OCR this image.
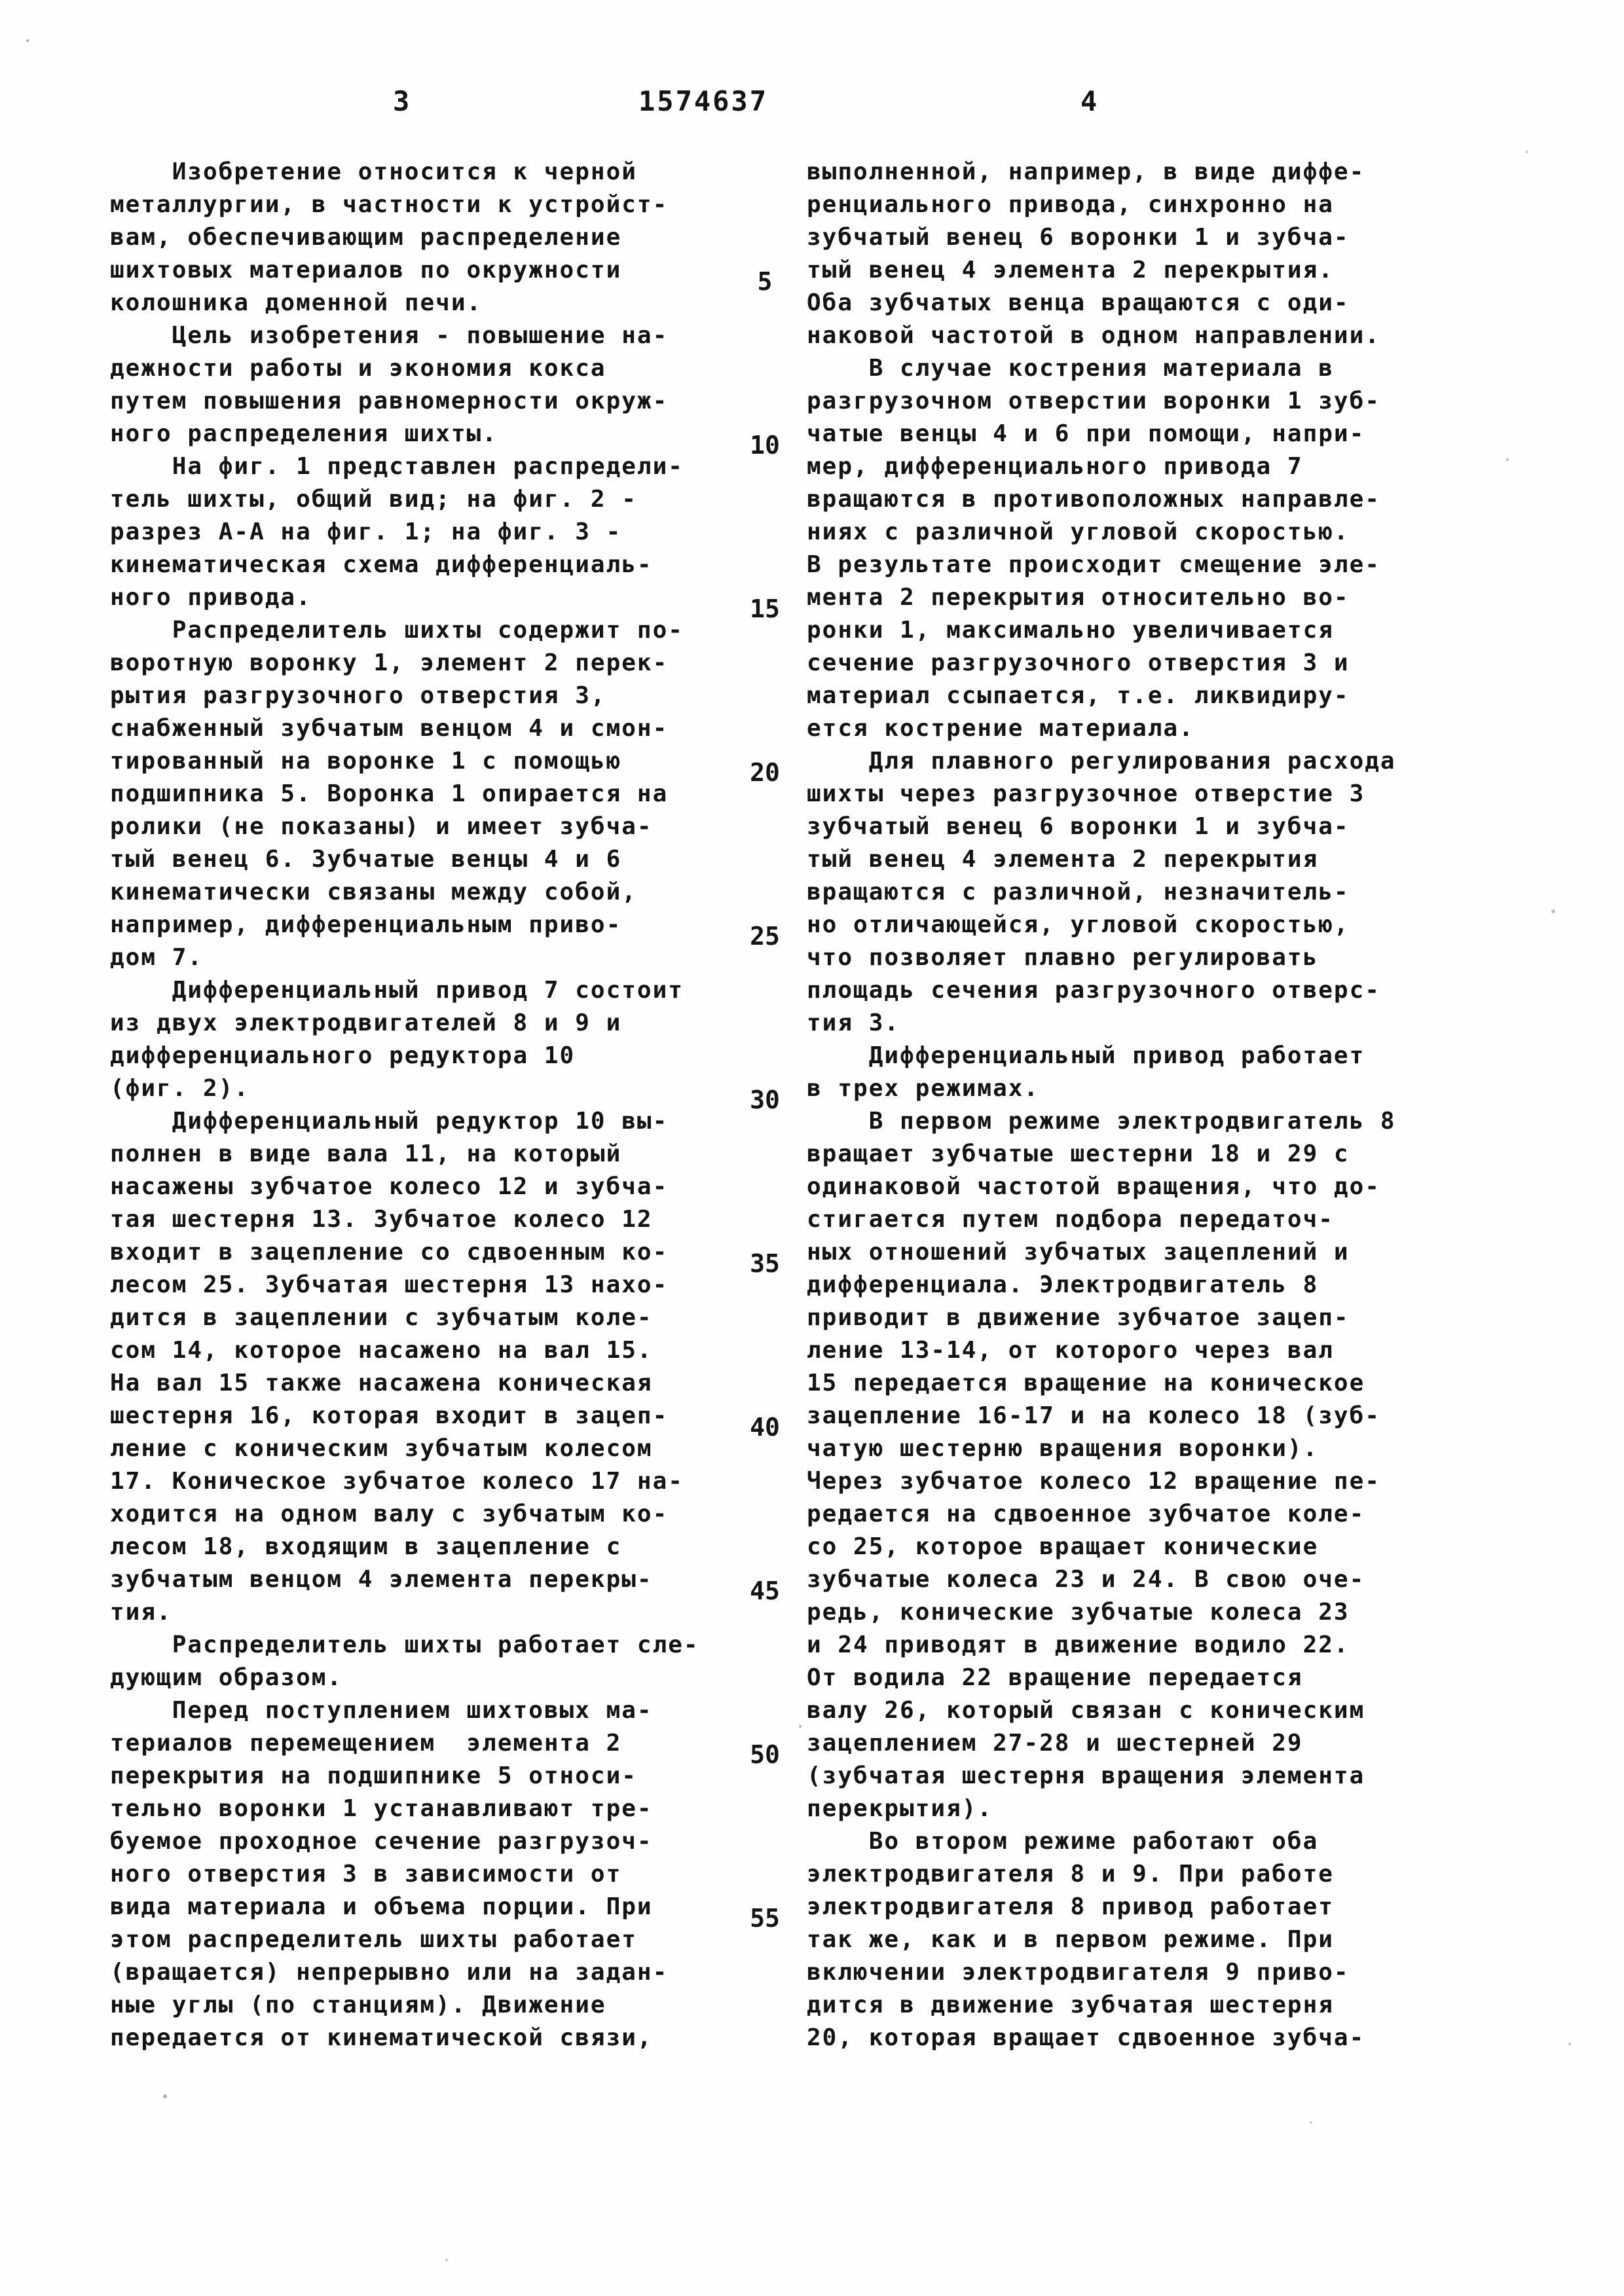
3	1574637	4
Изобретение относится к черной
металлургии, в частности к устройст-
вам, обеспечивающим распределение
шихтовых материалов по окружности
колошника доменной печи.
Цель изобретения - повышение на-
дежности работы и экономия кокса
путем повышения равномерности окруж-
ного распределения шихты.
На фиг. 1 представлен распредели-
тель шихты, общий вид; на фиг. 2 -
разрез А-А на фиг. 1; на фиг. 3 -
кинематическая схема дифференциаль-
ного привода.
Распределитель шихты содержит по-
воротную воронку 1, элемент 2 перек-
рытия разгрузочного отверстия 3,
снабженный зубчатым венцом 4 и смон-
тированный на воронке 1 с помощью
подшипника 5. Воронка 1 опирается на
ролики (не показаны) и имеет зубча-
тый венец 6. Зубчатые венцы 4 и 6
кинематически связаны между собой,
например, дифференциальным приво-
дом 7.
Дифференциальный привод 7 состоит
из двух электродвигателей 8 и 9 и
дифференциального редуктора 10
(фиг. 2).
Дифференциальный редуктор 10 вы-
полнен в виде вала 11, на который
насажены зубчатое колесо 12 и зубча-
тая шестерня 13. Зубчатое колесо 12
входит в зацепление со сдвоенным ко-
лесом 25. Зубчатая шестерня 13 нахо-
дится в зацеплении с зубчатым коле-
сом 14, которое насажено на вал 15.
На вал 15 также насажена коническая
шестерня 16, которая входит в зацеп-
ление с коническим зубчатым колесом
17. Коническое зубчатое колесо 17 на-
ходится на одном валу с зубчатым ко-
лесом 18, входящим в зацепление с
зубчатым венцом 4 элемента перекры-
тия.
Распределитель шихты работает сле-
дующим образом.
Перед поступлением шихтовых ма-
териалов перемещением  элемента 2
перекрытия на подшипнике 5 относи-
тельно воронки 1 устанавливают тре-
буемое проходное сечение разгрузоч-
ного отверстия 3 в зависимости от
вида материала и объема порции. При
этом распределитель шихты работает
(вращается) непрерывно или на задан-
ные углы (по станциям). Движение
передается от кинематической связи,
5
10
15
20
25
30
35
40
45
50
55
выполненной, например, в виде диффе-
ренциального привода, синхронно на
зубчатый венец 6 воронки 1 и зубча-
тый венец 4 элемента 2 перекрытия.
Оба зубчатых венца вращаются с оди-
наковой частотой в одном направлении.
В случае кострения материала в
разгрузочном отверстии воронки 1 зуб-
чатые венцы 4 и 6 при помощи, напри-
мер, дифференциального привода 7
вращаются в противоположных направле-
ниях с различной угловой скоростью.
В результате происходит смещение эле-
мента 2 перекрытия относительно во-
ронки 1, максимально увеличивается
сечение разгрузочного отверстия 3 и
материал ссыпается, т.е. ликвидиру-
ется кострение материала.
Для плавного регулирования расхода
шихты через разгрузочное отверстие 3
зубчатый венец 6 воронки 1 и зубча-
тый венец 4 элемента 2 перекрытия
вращаются с различной, незначитель-
но отличающейся, угловой скоростью,
что позволяет плавно регулировать
площадь сечения разгрузочного отверс-
тия 3.
Дифференциальный привод работает
в трех режимах.
В первом режиме электродвигатель 8
вращает зубчатые шестерни 18 и 29 с
одинаковой частотой вращения, что до-
стигается путем подбора передаточ-
ных отношений зубчатых зацеплений и
дифференциала. Электродвигатель 8
приводит в движение зубчатое зацеп-
ление 13-14, от которого через вал
15 передается вращение на коническое
зацепление 16-17 и на колесо 18 (зуб-
чатую шестерню вращения воронки).
Через зубчатое колесо 12 вращение пе-
редается на сдвоенное зубчатое коле-
со 25, которое вращает конические
зубчатые колеса 23 и 24. В свою оче-
редь, конические зубчатые колеса 23
и 24 приводят в движение водило 22.
От водила 22 вращение передается
валу 26, который связан с коническим
зацеплением 27-28 и шестерней 29
(зубчатая шестерня вращения элемента
перекрытия).
Во втором режиме работают оба
электродвигателя 8 и 9. При работе
электродвигателя 8 привод работает
так же, как и в первом режиме. При
включении электродвигателя 9 приво-
дится в движение зубчатая шестерня
20, которая вращает сдвоенное зубча-
